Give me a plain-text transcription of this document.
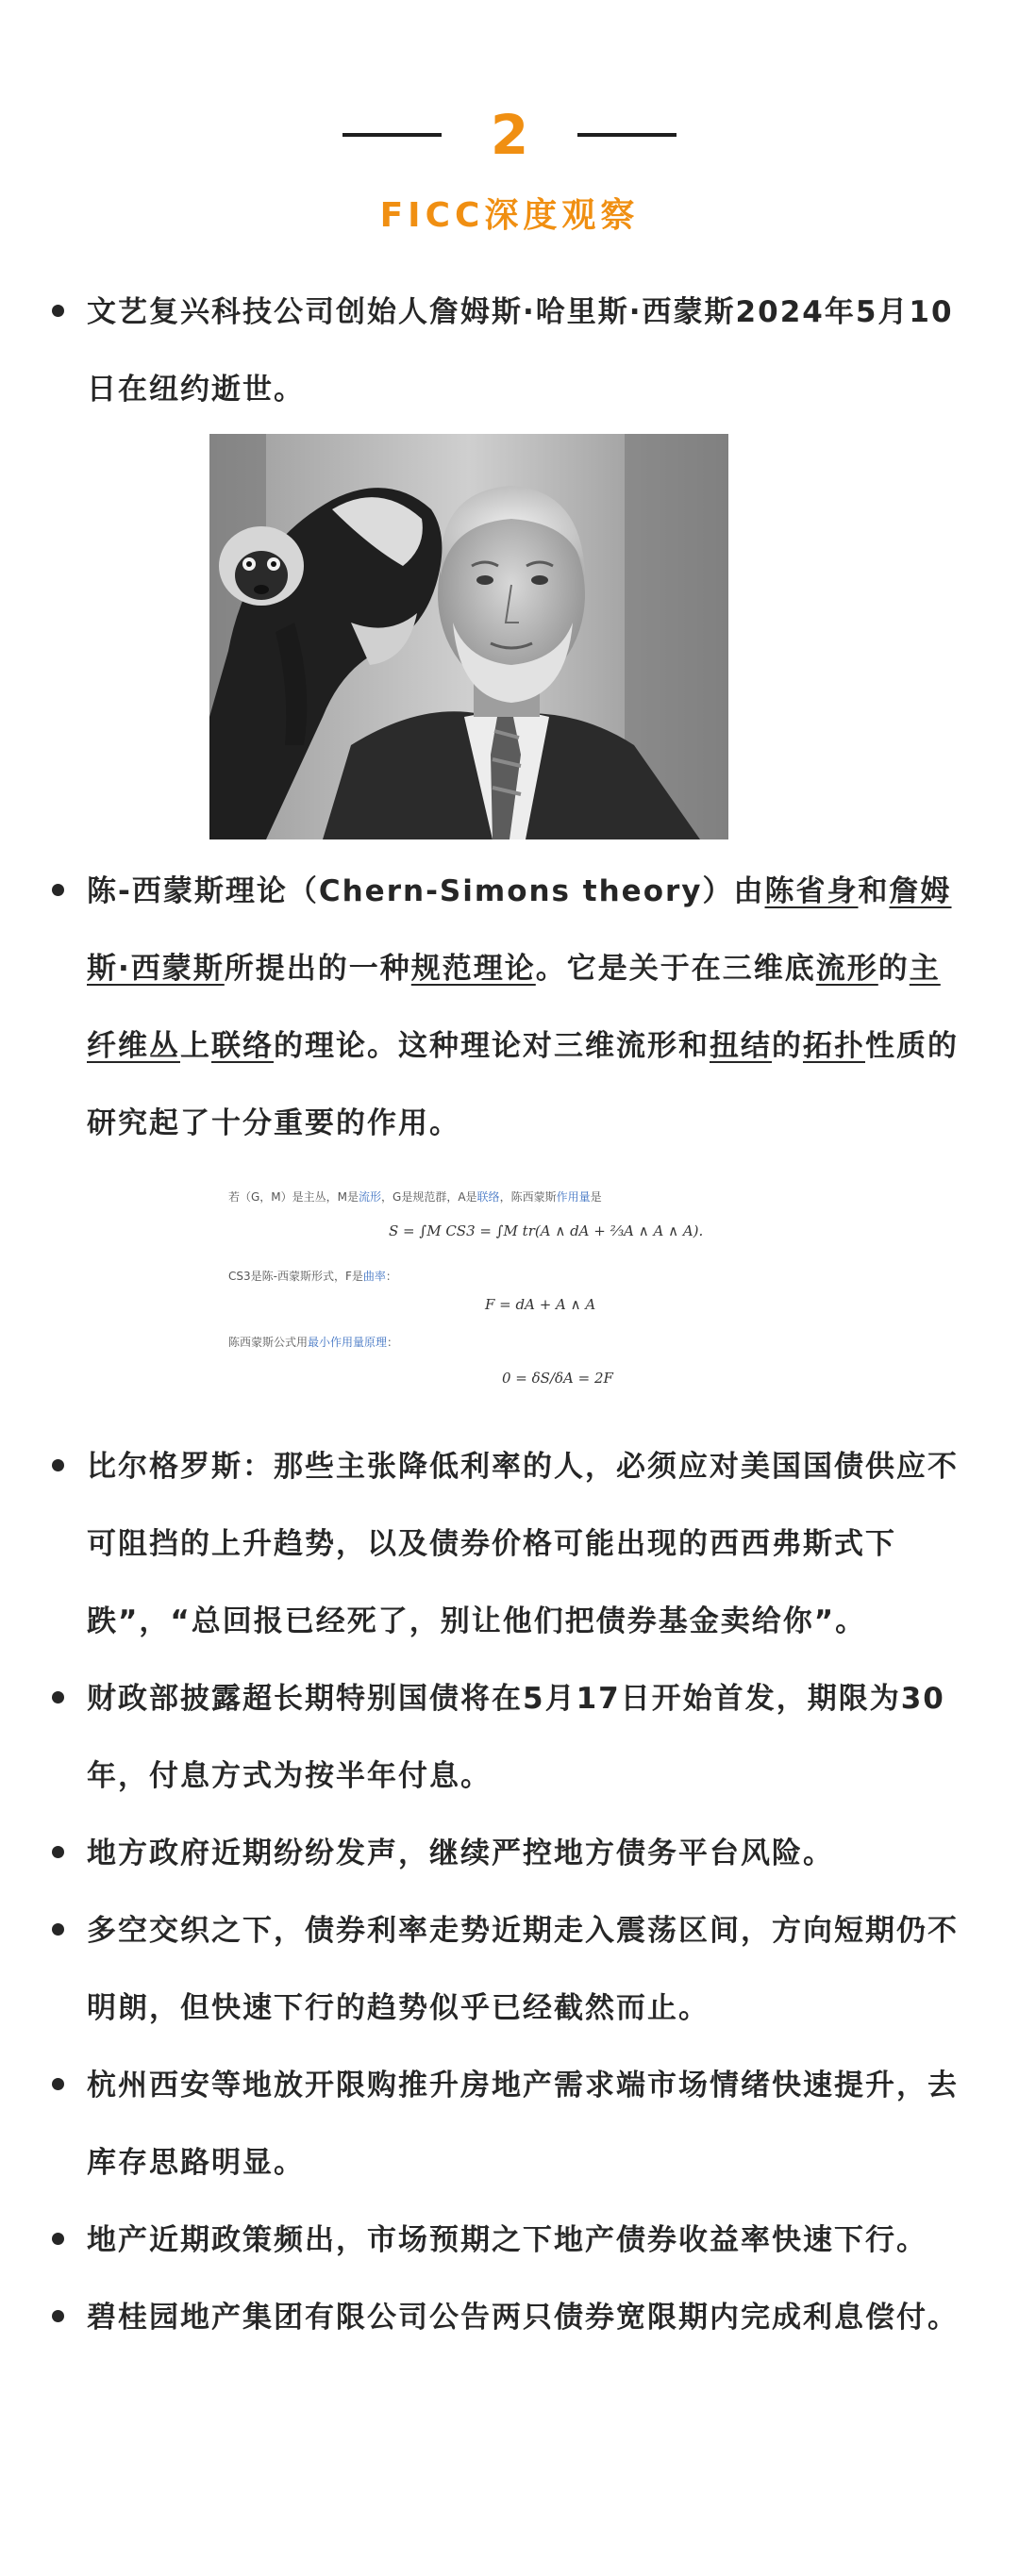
2
FICC深度观察
文艺复兴科技公司创始人詹姆斯·哈里斯·西蒙斯2024年5月10日在纽约逝世。
陈-西蒙斯理论（Chern-Simons theory）由陈省身和詹姆斯·西蒙斯所提出的一种规范理论。它是关于在三维底流形的主纤维丛上联络的理论。这种理论对三维流形和扭结的拓扑性质的研究起了十分重要的作用。
若（G，M）是主丛，M是流形，G是规范群，A是联络，陈西蒙斯作用量是
S = ∫M CS3 = ∫M tr(A ∧ dA + ⅔A ∧ A ∧ A).
CS3是陈-西蒙斯形式，F是曲率：
F = dA + A ∧ A
陈西蒙斯公式用最小作用量原理：
0 = δS/δA = 2F
比尔格罗斯：那些主张降低利率的人，必须应对美国国债供应不可阻挡的上升趋势，以及债券价格可能出现的西西弗斯式下跌”，“总回报已经死了，别让他们把债券基金卖给你”。
财政部披露超长期特别国债将在5月17日开始首发，期限为30年，付息方式为按半年付息。
地方政府近期纷纷发声，继续严控地方债务平台风险。
多空交织之下，债券利率走势近期走入震荡区间，方向短期仍不明朗，但快速下行的趋势似乎已经截然而止。
杭州西安等地放开限购推升房地产需求端市场情绪快速提升，去库存思路明显。
地产近期政策频出，市场预期之下地产债券收益率快速下行。
碧桂园地产集团有限公司公告两只债券宽限期内完成利息偿付。
